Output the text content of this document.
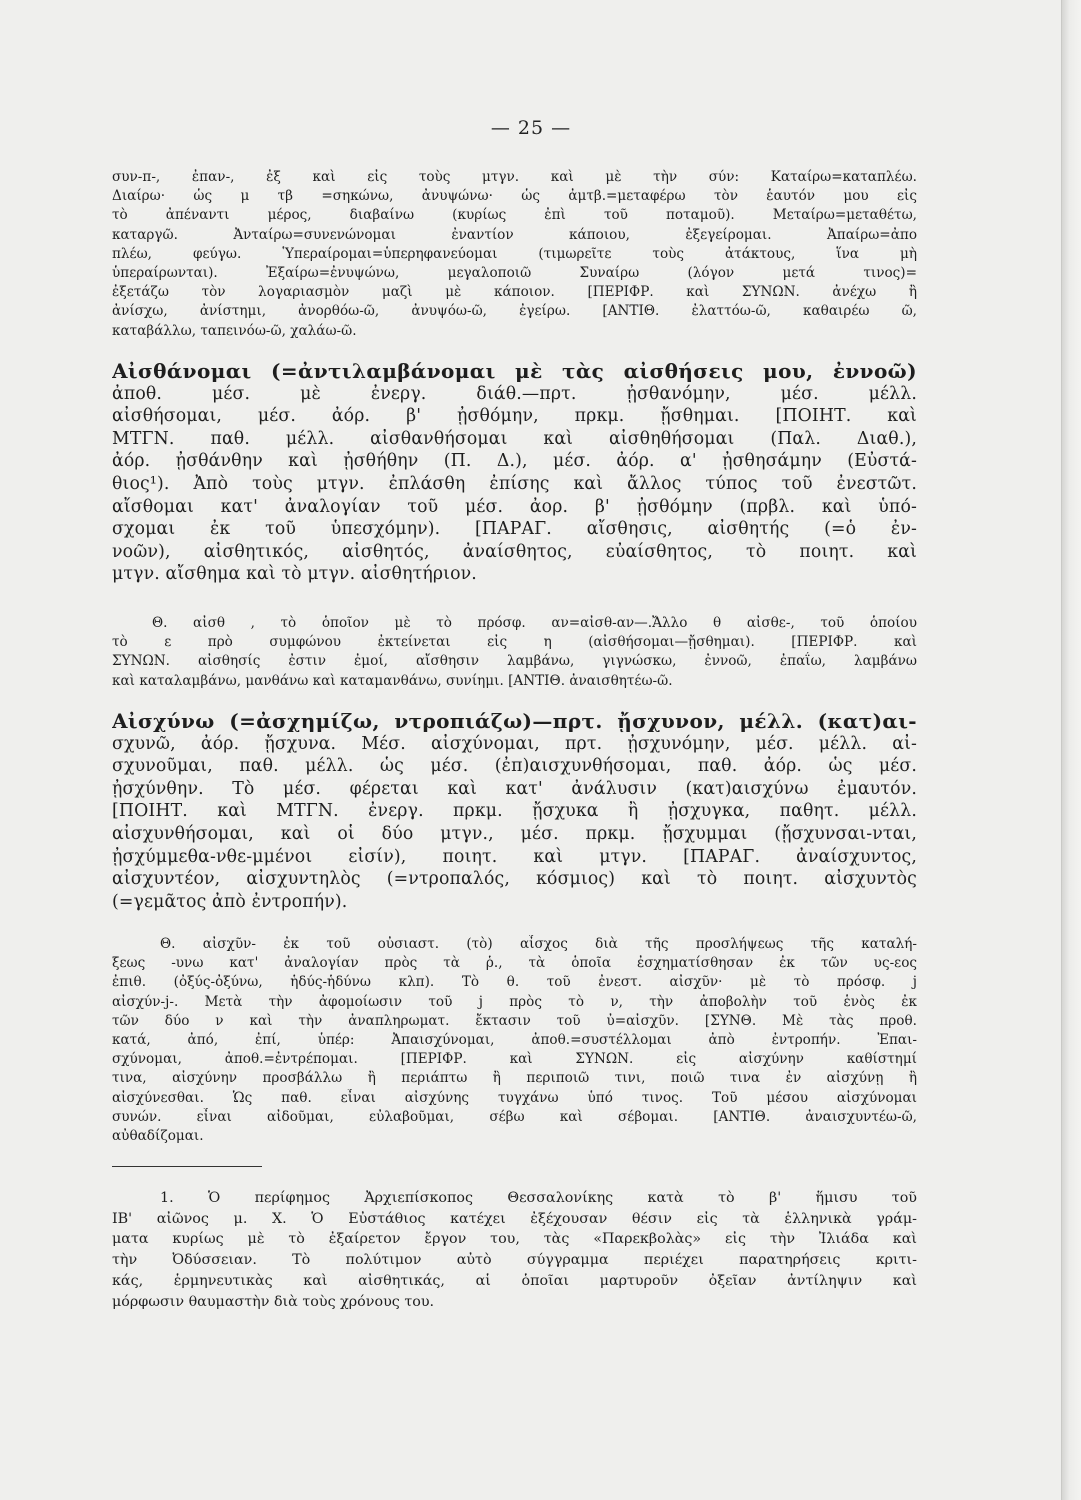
— 25 —
συν-π-, ἐπαν-, ἐξ καὶ εἰς τοὺς μτγν. καὶ μὲ τὴν σύν: Καταίρω=καταπλέω.
Διαίρω· ὡς μ τβ =σηκώνω, ἀνυψώνω· ὡς ἀμτβ.=μεταφέρω τὸν ἑαυτόν μου εἰς
τὸ ἀπέναντι μέρος, διαβαίνω (κυρίως ἐπὶ τοῦ ποταμοῦ). Μεταίρω=μεταθέτω,
καταργῶ. Ἀνταίρω=συνενώνομαι ἐναντίον κάποιου, ἐξεγείρομαι. Ἀπαίρω=ἀπο
πλέω, φεύγω. Ὑπεραίρομαι=ὑπερηφανεύομαι (τιμωρεῖτε τοὺς ἀτάκτους, ἵνα μὴ
ὑπεραίρωνται). Ἐξαίρω=ἐνυψώνω, μεγαλοποιῶ Συναίρω (λόγον μετά τινος)=
ἐξετάζω τὸν λογαριασμὸν μαζὶ μὲ κάποιον. [ΠΕΡΙΦΡ. καὶ ΣΥΝΩΝ. ἀνέχω ἢ
ἀνίσχω, ἀνίστημι, ἀνορθόω-ῶ, ἀνυψόω-ῶ, ἐγείρω. [ΑΝΤΙΘ. ἐλαττόω-ῶ, καθαιρέω ῶ,
καταβάλλω, ταπεινόω-ῶ, χαλάω-ῶ.
Αἰσθάνομαι (=ἀντιλαμβάνομαι μὲ τὰς αἰσθήσεις μου, ἐννοῶ)
ἀποθ. μέσ. μὲ ἐνεργ. διάθ.—πρτ. ᾐσθανόμην, μέσ. μέλλ.
αἰσθήσομαι, μέσ. ἀόρ. β' ᾐσθόμην, πρκμ. ᾔσθημαι. [ΠΟΙΗΤ. καὶ
ΜΤΓΝ. παθ. μέλλ. αἰσθανθήσομαι καὶ αἰσθηθήσομαι (Παλ. Διαθ.),
ἀόρ. ᾐσθάνθην καὶ ᾐσθήθην (Π. Δ.), μέσ. ἀόρ. α' ᾐσθησάμην (Εὐστά-
θιος¹). Ἀπὸ τοὺς μτγν. ἐπλάσθη ἐπίσης καὶ ἄλλος τύπος τοῦ ἐνεστῶτ.
αἴσθομαι κατ' ἀναλογίαν τοῦ μέσ. ἀορ. β' ᾐσθόμην (πρβλ. καὶ ὑπό-
σχομαι ἐκ τοῦ ὑπεσχόμην). [ΠΑΡΑΓ. αἴσθησις, αἰσθητής (=ὁ ἐν-
νοῶν), αἰσθητικός, αἰσθητός, ἀναίσθητος, εὐαίσθητος, τὸ ποιητ. καὶ
μτγν. αἴσθημα καὶ τὸ μτγν. αἰσθητήριον.
Θ. αἰσθ , τὸ ὁποῖον μὲ τὸ πρόσφ. αν=αἰσθ-αν—.Ἄλλο θ αἰσθε-, τοῦ ὁποίου
τὸ ε πρὸ συμφώνου ἐκτείνεται εἰς η (αἰσθήσομαι—ᾔσθημαι). [ΠΕΡΙΦΡ. καὶ
ΣΥΝΩΝ. αἰσθησίς ἐστιν ἐμοί, αἴσθησιν λαμβάνω, γιγνώσκω, ἐννοῶ, ἐπαΐω, λαμβάνω
καὶ καταλαμβάνω, μανθάνω καὶ καταμανθάνω, συνίημι. [ΑΝΤΙΘ. ἀναισθητέω-ῶ.
Αἰσχύνω (=ἀσχημίζω, ντροπιάζω)—πρτ. ᾔσχυνον, μέλλ. (κατ)αι-
σχυνῶ, ἀόρ. ᾔσχυνα. Μέσ. αἰσχύνομαι, πρτ. ᾐσχυνόμην, μέσ. μέλλ. αἰ-
σχυνοῦμαι, παθ. μέλλ. ὡς μέσ. (ἐπ)αισχυνθήσομαι, παθ. ἀόρ. ὡς μέσ.
ᾐσχύνθην. Τὸ μέσ. φέρεται καὶ κατ' ἀνάλυσιν (κατ)αισχύνω ἐμαυτόν.
[ΠΟΙΗΤ. καὶ ΜΤΓΝ. ἐνεργ. πρκμ. ᾔσχυκα ἢ ᾐσχυγκα, παθητ. μέλλ.
αἰσχυνθήσομαι, καὶ οἱ δύο μτγν., μέσ. πρκμ. ᾔσχυμμαι (ᾔσχυνσαι-νται,
ᾐσχύμμεθα-νθε-μμένοι εἰσίν), ποιητ. καὶ μτγν. [ΠΑΡΑΓ. ἀναίσχυντος,
αἰσχυντέον, αἰσχυντηλὸς (=ντροπαλός, κόσμιος) καὶ τὸ ποιητ. αἰσχυντὸς
(=γεμᾶτος ἀπὸ ἐντροπήν).
Θ. αἰσχῦν- ἐκ τοῦ οὐσιαστ. (τὸ) αἶσχος διὰ τῆς προσλήψεως τῆς καταλή-
ξεως -υνω κατ' ἀναλογίαν πρὸς τὰ ῥ., τὰ ὁποῖα ἐσχηματίσθησαν ἐκ τῶν υς-εος
ἐπιθ. (ὀξύς-ὀξύνω, ἡδύς-ἡδύνω κλπ). Τὸ θ. τοῦ ἐνεστ. αἰσχῦν· μὲ τὸ πρόσφ. j
αἰσχύν-j-. Μετὰ τὴν ἀφομοίωσιν τοῦ j πρὸς τὸ ν, τὴν ἀποβολὴν τοῦ ἑνὸς ἐκ
τῶν δύο ν καὶ τὴν ἀναπληρωματ. ἔκτασιν τοῦ ὐ=αἰσχῦν. [ΣΥΝΘ. Μὲ τὰς προθ.
κατά, ἀπό, ἐπί, ὑπέρ: Ἀπαισχύνομαι, ἀποθ.=συστέλλομαι ἀπὸ ἐντροπήν. Ἐπαι-
σχύνομαι, ἀποθ.=ἐντρέπομαι. [ΠΕΡΙΦΡ. καὶ ΣΥΝΩΝ. εἰς αἰσχύνην καθίστημί
τινα, αἰσχύνην προσβάλλω ἢ περιάπτω ἢ περιποιῶ τινι, ποιῶ τινα ἐν αἰσχύνῃ ἢ
αἰσχύνεσθαι. Ὡς παθ. εἶναι αἰσχύνης τυγχάνω ὑπό τινος. Τοῦ μέσου αἰσχύνομαι
συνών. εἶναι αἰδοῦμαι, εὐλαβοῦμαι, σέβω καὶ σέβομαι. [ΑΝΤΙΘ. ἀναισχυντέω-ῶ,
αὐθαδίζομαι.
1. Ὁ περίφημος Ἀρχιεπίσκοπος Θεσσαλονίκης κατὰ τὸ β' ἥμισυ τοῦ
ΙΒ' αἰῶνος μ. Χ. Ὁ Εὐστάθιος κατέχει ἐξέχουσαν θέσιν εἰς τὰ ἑλληνικὰ γράμ-
ματα κυρίως μὲ τὸ ἐξαίρετον ἔργον του, τὰς «Παρεκβολὰς» εἰς τὴν Ἰλιάδα καὶ
τὴν Ὀδύσσειαν. Τὸ πολύτιμον αὐτὸ σύγγραμμα περιέχει παρατηρήσεις κριτι-
κάς, ἑρμηνευτικὰς καὶ αἰσθητικάς, αἱ ὁποῖαι μαρτυροῦν ὀξεῖαν ἀντίληψιν καὶ
μόρφωσιν θαυμαστὴν διὰ τοὺς χρόνους του.
